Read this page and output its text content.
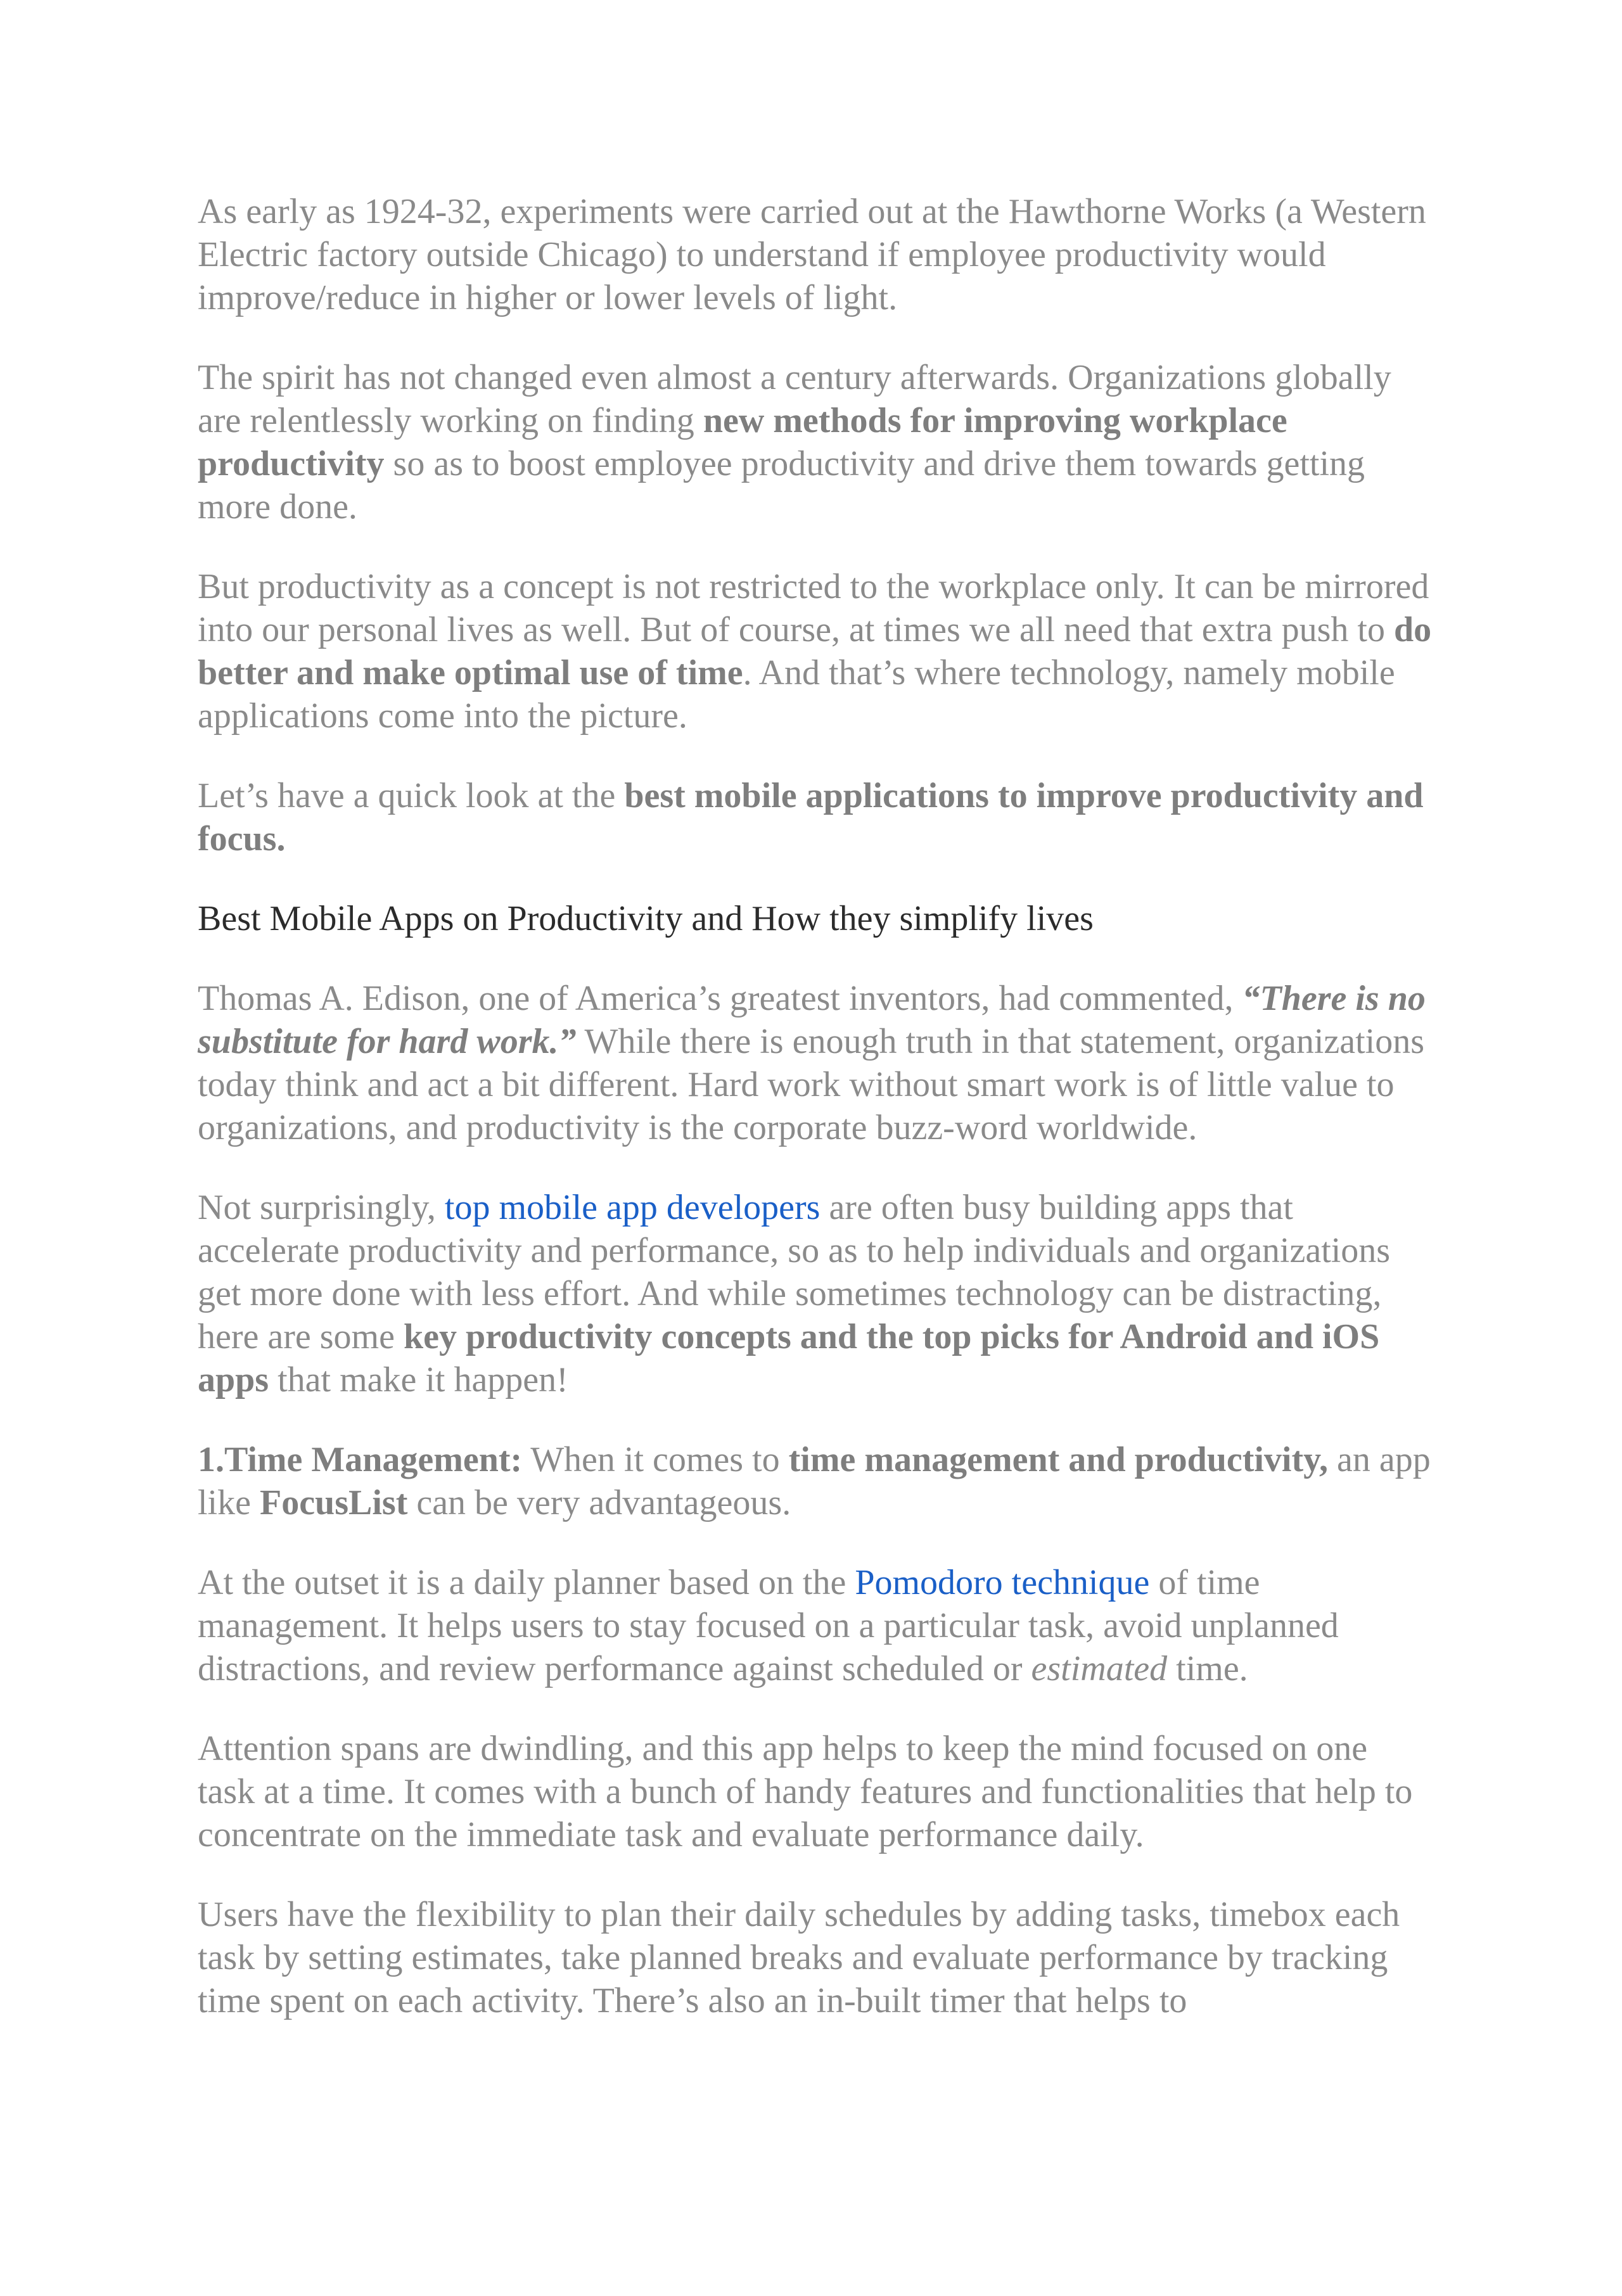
As early as 1924-32, experiments were carried out at the Hawthorne Works (a Western Electric factory outside Chicago) to understand if employee productivity would improve/reduce in higher or lower levels of light.

The spirit has not changed even almost a century afterwards. Organizations globally are relentlessly working on finding new methods for improving workplace productivity so as to boost employee productivity and drive them towards getting more done.

But productivity as a concept is not restricted to the workplace only. It can be mirrored into our personal lives as well. But of course, at times we all need that extra push to do better and make optimal use of time. And that’s where technology, namely mobile applications come into the picture.

Let’s have a quick look at the best mobile applications to improve productivity and focus.

Best Mobile Apps on Productivity and How they simplify lives

Thomas A. Edison, one of America’s greatest inventors, had commented, “There is no substitute for hard work.” While there is enough truth in that statement, organizations today think and act a bit different. Hard work without smart work is of little value to organizations, and productivity is the corporate buzz-word worldwide.

Not surprisingly, top mobile app developers are often busy building apps that accelerate productivity and performance, so as to help individuals and organizations get more done with less effort. And while sometimes technology can be distracting, here are some key productivity concepts and the top picks for Android and iOS apps that make it happen!

1.Time Management: When it comes to time management and productivity, an app like FocusList can be very advantageous.

At the outset it is a daily planner based on the Pomodoro technique of time management. It helps users to stay focused on a particular task, avoid unplanned distractions, and review performance against scheduled or estimated time.

Attention spans are dwindling, and this app helps to keep the mind focused on one task at a time. It comes with a bunch of handy features and functionalities that help to concentrate on the immediate task and evaluate performance daily.

Users have the flexibility to plan their daily schedules by adding tasks, timebox each task by setting estimates, take planned breaks and evaluate performance by tracking time spent on each activity. There’s also an in-built timer that helps to
